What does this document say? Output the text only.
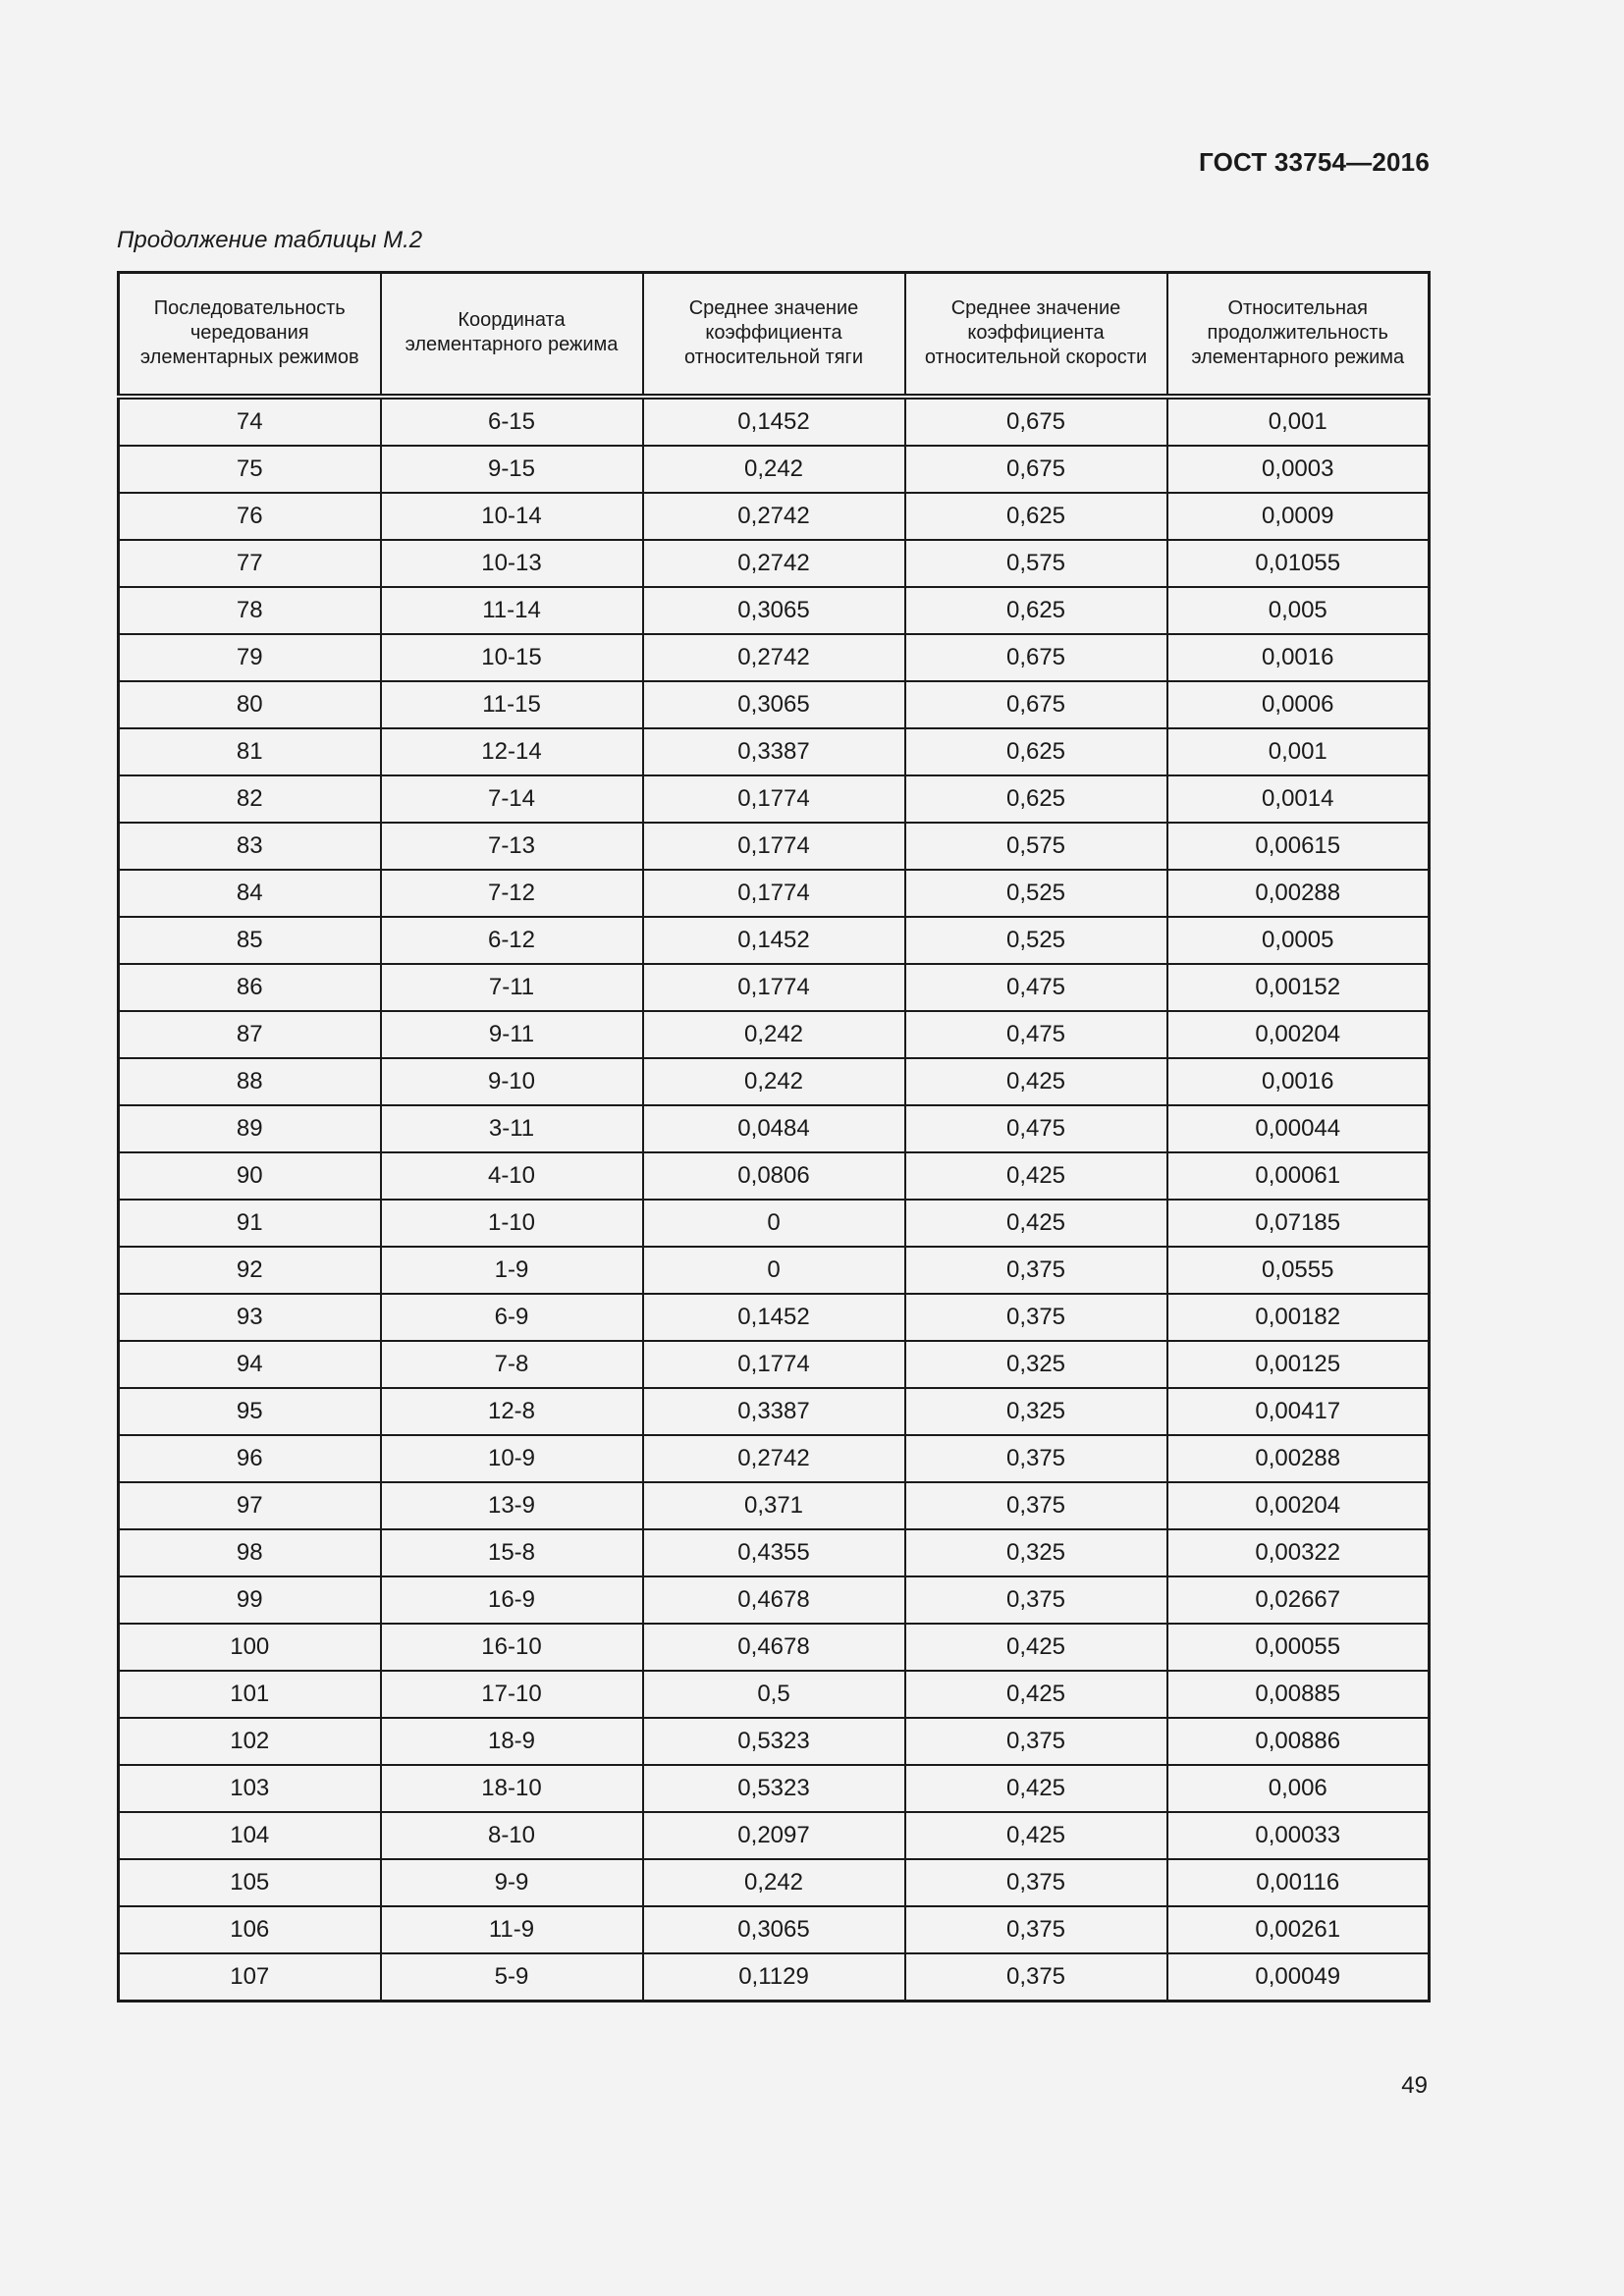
ГОСТ 33754—2016
Продолжение таблицы М.2
Последовательность чередования элементарных режимов	Координата элементарного режима	Среднее значение коэффициента относительной тяги	Среднее значение коэффициента относительной скорости	Относительная продолжительность элементарного режима
74	6-15	0,1452	0,675	0,001
75	9-15	0,242	0,675	0,0003
76	10-14	0,2742	0,625	0,0009
77	10-13	0,2742	0,575	0,01055
78	11-14	0,3065	0,625	0,005
79	10-15	0,2742	0,675	0,0016
80	11-15	0,3065	0,675	0,0006
81	12-14	0,3387	0,625	0,001
82	7-14	0,1774	0,625	0,0014
83	7-13	0,1774	0,575	0,00615
84	7-12	0,1774	0,525	0,00288
85	6-12	0,1452	0,525	0,0005
86	7-11	0,1774	0,475	0,00152
87	9-11	0,242	0,475	0,00204
88	9-10	0,242	0,425	0,0016
89	3-11	0,0484	0,475	0,00044
90	4-10	0,0806	0,425	0,00061
91	1-10	0	0,425	0,07185
92	1-9	0	0,375	0,0555
93	6-9	0,1452	0,375	0,00182
94	7-8	0,1774	0,325	0,00125
95	12-8	0,3387	0,325	0,00417
96	10-9	0,2742	0,375	0,00288
97	13-9	0,371	0,375	0,00204
98	15-8	0,4355	0,325	0,00322
99	16-9	0,4678	0,375	0,02667
100	16-10	0,4678	0,425	0,00055
101	17-10	0,5	0,425	0,00885
102	18-9	0,5323	0,375	0,00886
103	18-10	0,5323	0,425	0,006
104	8-10	0,2097	0,425	0,00033
105	9-9	0,242	0,375	0,00116
106	11-9	0,3065	0,375	0,00261
107	5-9	0,1129	0,375	0,00049
49
